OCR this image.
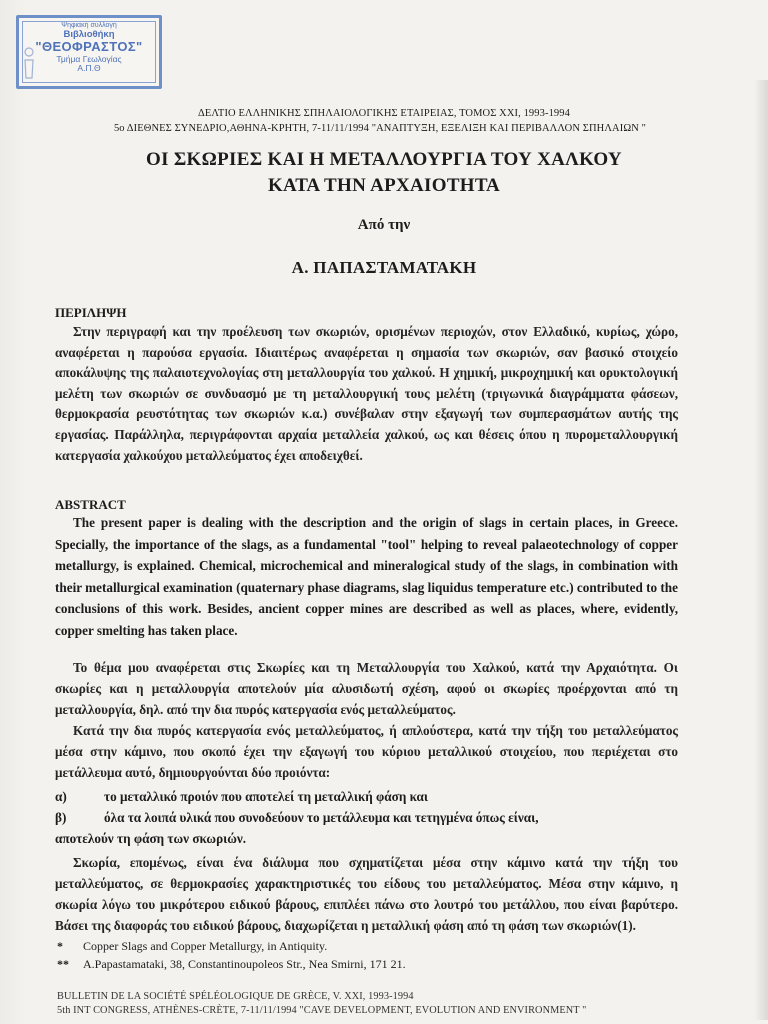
Ψηφιακή συλλογή
Βιβλιοθήκη
"ΘΕΟΦΡΑΣΤΟΣ"
Τμήμα Γεωλογίας
Α.Π.Θ
ΔΕΛΤΙΟ ΕΛΛΗΝΙΚΗΣ ΣΠΗΛΑΙΟΛΟΓΙΚΗΣ ΕΤΑΙΡΕΙΑΣ, ΤΟΜΟΣ XXI, 1993-1994
5ο ΔΙΕΘΝΕΣ ΣΥΝΕΔΡΙΟ,ΑΘΗΝΑ-ΚΡΗΤΗ, 7-11/11/1994 "ΑΝΑΠΤΥΞΗ, ΕΞΕΛΙΞΗ ΚΑΙ ΠΕΡΙΒΑΛΛΟΝ ΣΠΗΛΑΙΩΝ "
ΟΙ ΣΚΩΡΙΕΣ ΚΑΙ Η ΜΕΤΑΛΛΟΥΡΓΙΑ ΤΟΥ ΧΑΛΚΟΥ
ΚΑΤΑ ΤΗΝ ΑΡΧΑΙΟΤΗΤΑ
Από την
Α. ΠΑΠΑΣΤΑΜΑΤΑΚΗ
ΠΕΡΙΛΗΨΗ

Στην περιγραφή και την προέλευση των σκωριών, ορισμένων περιοχών, στον Ελλαδικό, κυρίως, χώρο, αναφέρεται η παρούσα εργασία. Ιδιαιτέρως αναφέρεται η σημασία των σκωριών, σαν βασικό στοιχείο αποκάλυψης της παλαιοτεχνολογίας στη μεταλλουργία του χαλκού. Η χημική, μικροχημική και ορυκτολογική μελέτη των σκωριών σε συνδυασμό με τη μεταλλουργική τους μελέτη (τριγωνικά διαγράμματα φάσεων, θερμοκρασία ρευστότητας των σκωριών κ.α.) συνέβαλαν στην εξαγωγή των συμπερασμάτων αυτής της εργασίας. Παράλληλα, περιγράφονται αρχαία μεταλλεία χαλκού, ως και θέσεις όπου η πυρομεταλλουργική κατεργασία χαλκούχου μεταλλεύματος έχει αποδειχθεί.

ABSTRACT

The present paper is dealing with the description and the origin of slags in certain places, in Greece. Specially, the importance of the slags, as a fundamental "tool" helping to reveal palaeotechnology of copper metallurgy, is explained. Chemical, microchemical and mineralogical study of the slags, in combination with their metallurgical examination (quaternary phase diagrams, slag liquidus temperature etc.) contributed to the conclusions of this work. Besides, ancient copper mines are described as well as places, where, evidently, copper smelting has taken place.

Το θέμα μου αναφέρεται στις Σκωρίες και τη Μεταλλουργία του Χαλκού, κατά την Αρχαιότητα. Οι σκωρίες και η μεταλλουργία αποτελούν μία αλυσιδωτή σχέση, αφού οι σκωρίες προέρχονται από τη μεταλλουργία, δηλ. από την δια πυρός κατεργασία ενός μεταλλεύματος.

Κατά την δια πυρός κατεργασία ενός μεταλλεύματος, ή απλούστερα, κατά την τήξη του μεταλλεύματος μέσα στην κάμινο, που σκοπό έχει την εξαγωγή του κύριου μεταλλικού στοιχείου, που περιέχεται στο μετάλλευμα αυτό, δημιουργούνται δύο προιόντα:

α)	το μεταλλικό προιόν που αποτελεί τη μεταλλική φάση και
β)	όλα τα λοιπά υλικά που συνοδεύουν το μετάλλευμα και τετηγμένα όπως είναι,
αποτελούν τη φάση των σκωριών.

Σκωρία, επομένως, είναι ένα διάλυμα που σχηματίζεται μέσα στην κάμινο κατά την τήξη του μεταλλεύματος, σε θερμοκρασίες χαρακτηριστικές του είδους του μεταλλεύματος. Μέσα στην κάμινο, η σκωρία λόγω του μικρότερου ειδικού βάρους, επιπλέει πάνω στο λουτρό του μετάλλου, που είναι βαρύτερο. Βάσει της διαφοράς του ειδικού βάρους, διαχωρίζεται η μεταλλική φάση από τη φάση των σκωριών(1).

* Copper Slags and Copper Metallurgy, in Antiquity.
** A.Papastamataki, 38, Constantinoupoleos Str., Nea Smirni, 171 21.
BULLETIN DE LA SOCIÉTÉ SPÉLÉOLOGIQUE DE GRÈCE, V. XXI, 1993-1994
5th INT CONGRESS, ATHÈNES-CRÈTE, 7-11/11/1994 "CAVE DEVELOPMENT, EVOLUTION AND ENVIRONMENT "
